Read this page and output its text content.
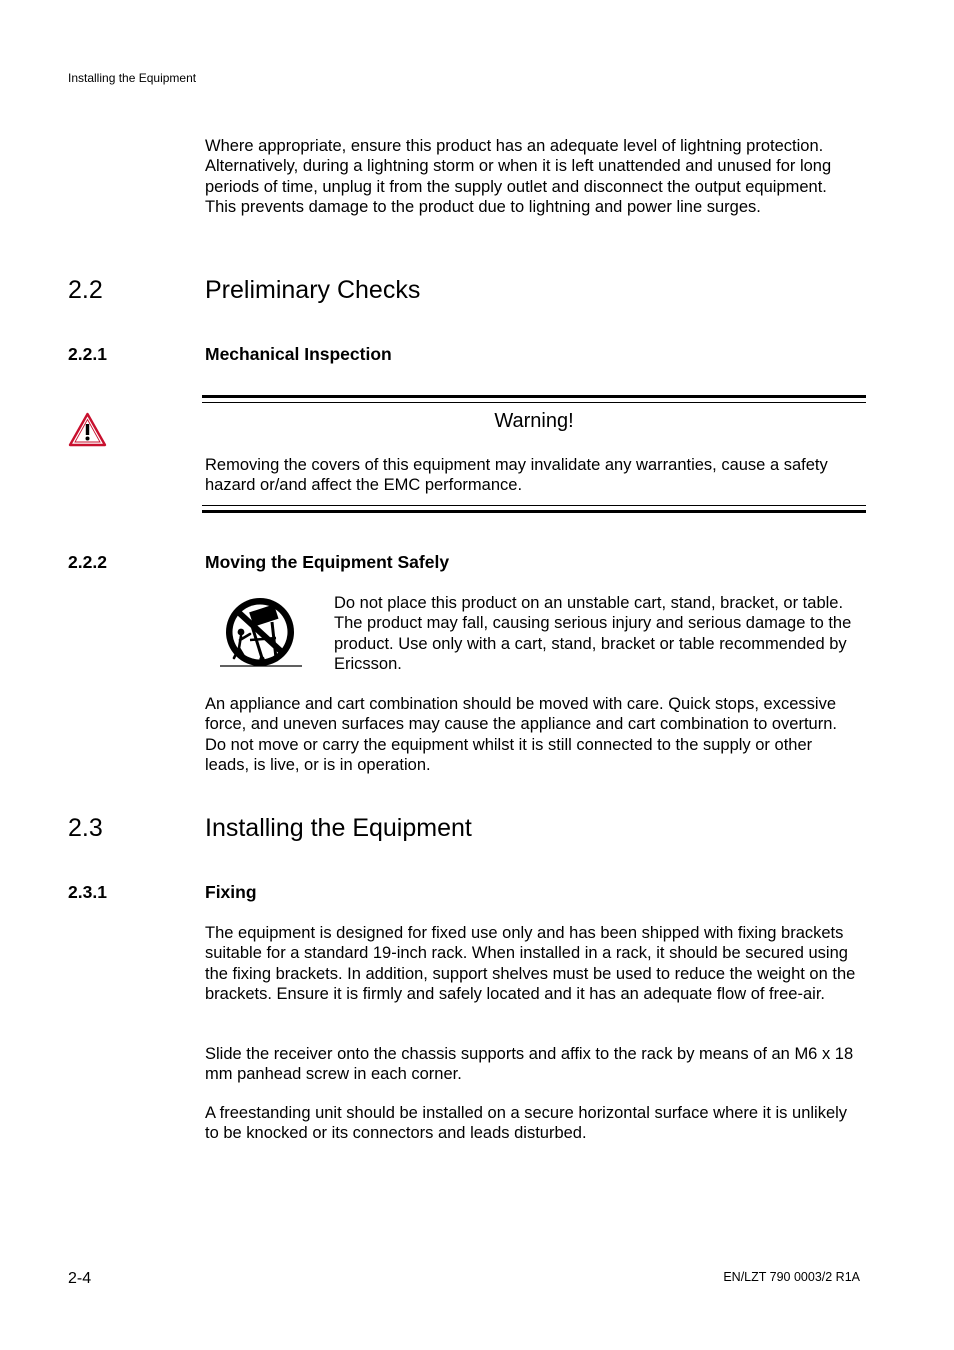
Installing the Equipment
Where appropriate, ensure this product has an adequate level of lightning protection. Alternatively, during a lightning storm or when it is left unattended and unused for long periods of time, unplug it from the supply outlet and disconnect the output equipment. This prevents damage to the product due to lightning and power line surges.
2.2	Preliminary Checks
2.2.1	Mechanical Inspection
Warning!
Removing the covers of this equipment may invalidate any warranties, cause a safety hazard or/and affect the EMC performance.
2.2.2	Moving the Equipment Safely
Do not place this product on an unstable cart, stand, bracket, or table. The product may fall, causing serious injury and serious damage to the product. Use only with a cart, stand, bracket or table recommended by Ericsson.
An appliance and cart combination should be moved with care. Quick stops, excessive force, and uneven surfaces may cause the appliance and cart combination to overturn. Do not move or carry the equipment whilst it is still connected to the supply or other leads, is live, or is in operation.
2.3	Installing the Equipment
2.3.1	Fixing
The equipment is designed for fixed use only and has been shipped with fixing brackets suitable for a standard 19-inch rack. When installed in a rack, it should be secured using the fixing brackets. In addition, support shelves must be used to reduce the weight on the brackets. Ensure it is firmly and safely located and it has an adequate flow of free-air.
Slide the receiver onto the chassis supports and affix to the rack by means of an M6 x 18 mm panhead screw in each corner.
A freestanding unit should be installed on a secure horizontal surface where it is unlikely to be knocked or its connectors and leads disturbed.
2-4	EN/LZT 790 0003/2 R1A
